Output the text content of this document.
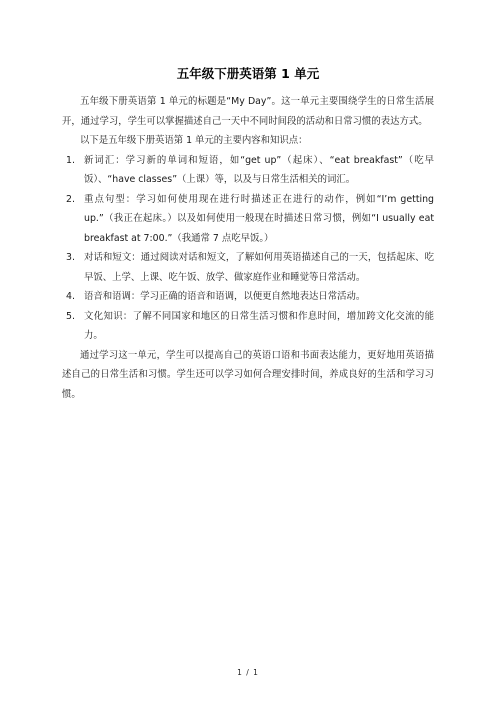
五年级下册英语第 1 单元

五年级下册英语第 1 单元的标题是“My Day”。这一单元主要围绕学生的日常生活展开，通过学习，学生可以掌握描述自己一天中不同时间段的活动和日常习惯的表达方式。

以下是五年级下册英语第 1 单元的主要内容和知识点：

1. 新词汇：学习新的单词和短语，如“get up”（起床）、“eat breakfast”（吃早饭）、“have classes”（上课）等，以及与日常生活相关的词汇。
2. 重点句型：学习如何使用现在进行时描述正在进行的动作，例如“I’m getting up.”（我正在起床。）以及如何使用一般现在时描述日常习惯，例如“I usually eat breakfast at 7:00.”（我通常 7 点吃早饭。）
3. 对话和短文：通过阅读对话和短文，了解如何用英语描述自己的一天，包括起床、吃早饭、上学、上课、吃午饭、放学、做家庭作业和睡觉等日常活动。
4. 语音和语调：学习正确的语音和语调，以便更自然地表达日常活动。
5. 文化知识：了解不同国家和地区的日常生活习惯和作息时间，增加跨文化交流的能力。

通过学习这一单元，学生可以提高自己的英语口语和书面表达能力，更好地用英语描述自己的日常生活和习惯。学生还可以学习如何合理安排时间，养成良好的生活和学习习惯。

1 / 1
